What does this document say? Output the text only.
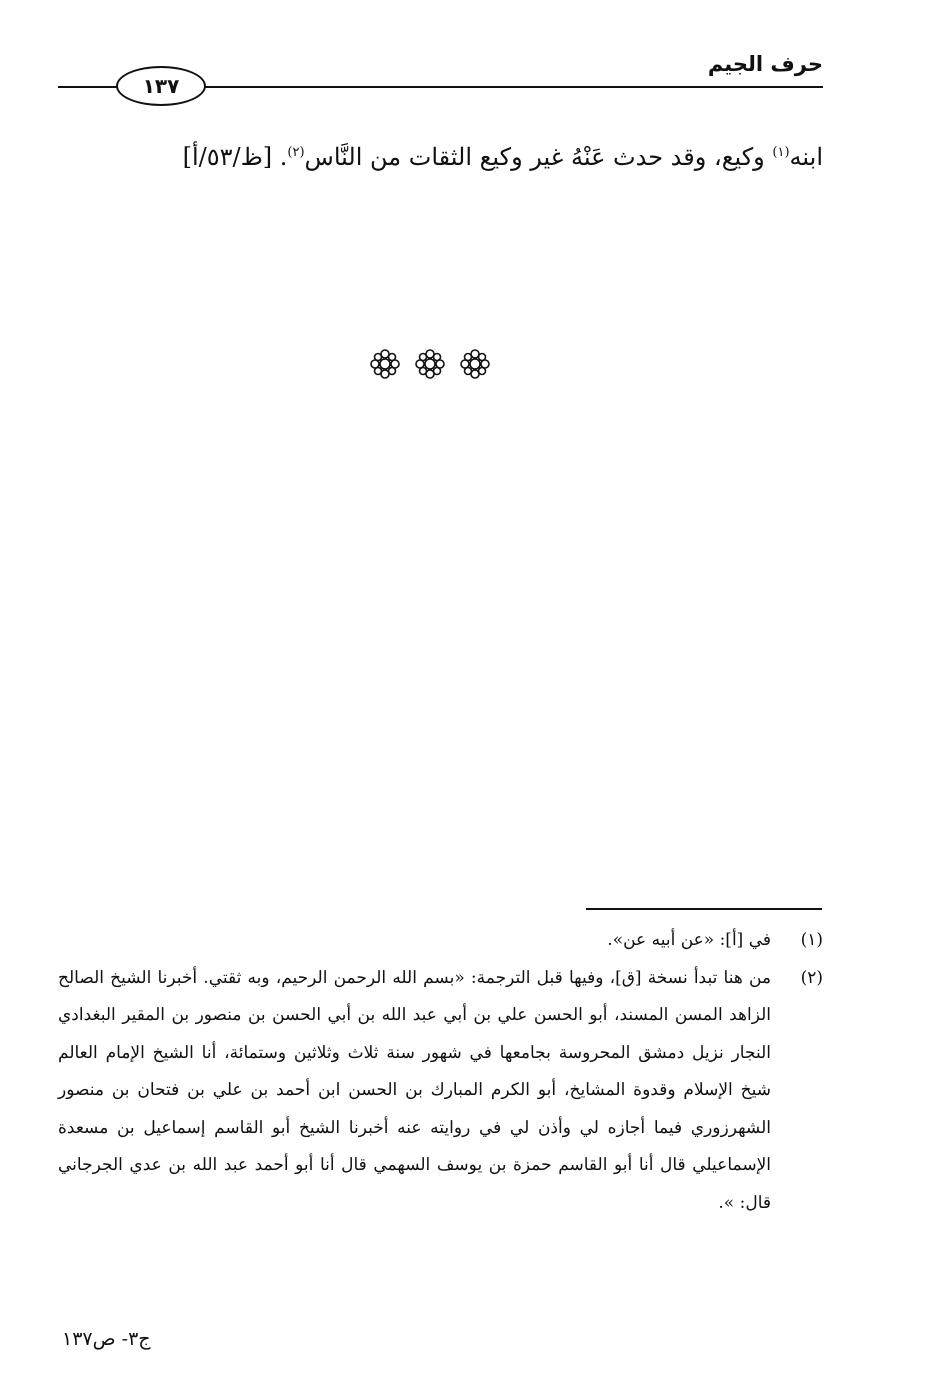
حرف الجيم
١٣٧
ابنه$^{(١)}$ وكيع، وقد حدث عَنْهُ غير وكيع الثقات من النَّاس$^{(٢)}$. [ظ/٥٣/أ]
(١)
في [أ]: «عن أبيه عن».
(٢)
من هنا تبدأ نسخة [ق]، وفيها قبل الترجمة: «بسم الله الرحمن الرحيم، وبه ثقتي. أخبرنا الشيخ الصالح الزاهد المسن المسند، أبو الحسن علي بن أبي عبد الله بن أبي الحسن بن منصور بن المقير البغدادي النجار نزيل دمشق المحروسة بجامعها في شهور سنة ثلاث وثلاثين وستمائة، أنا الشيخ الإمام العالم شيخ الإسلام وقدوة المشايخ، أبو الكرم المبارك بن الحسن ابن أحمد بن علي بن فتحان بن منصور الشهرزوري فيما أجازه لي وأذن لي في روايته عنه أخبرنا الشيخ أبو القاسم إسماعيل بن مسعدة الإسماعيلي قال أنا أبو القاسم حمزة بن يوسف السهمي قال أنا أبو أحمد عبد الله بن عدي الجرجاني قال: ».
ج٣- ص١٣٧
